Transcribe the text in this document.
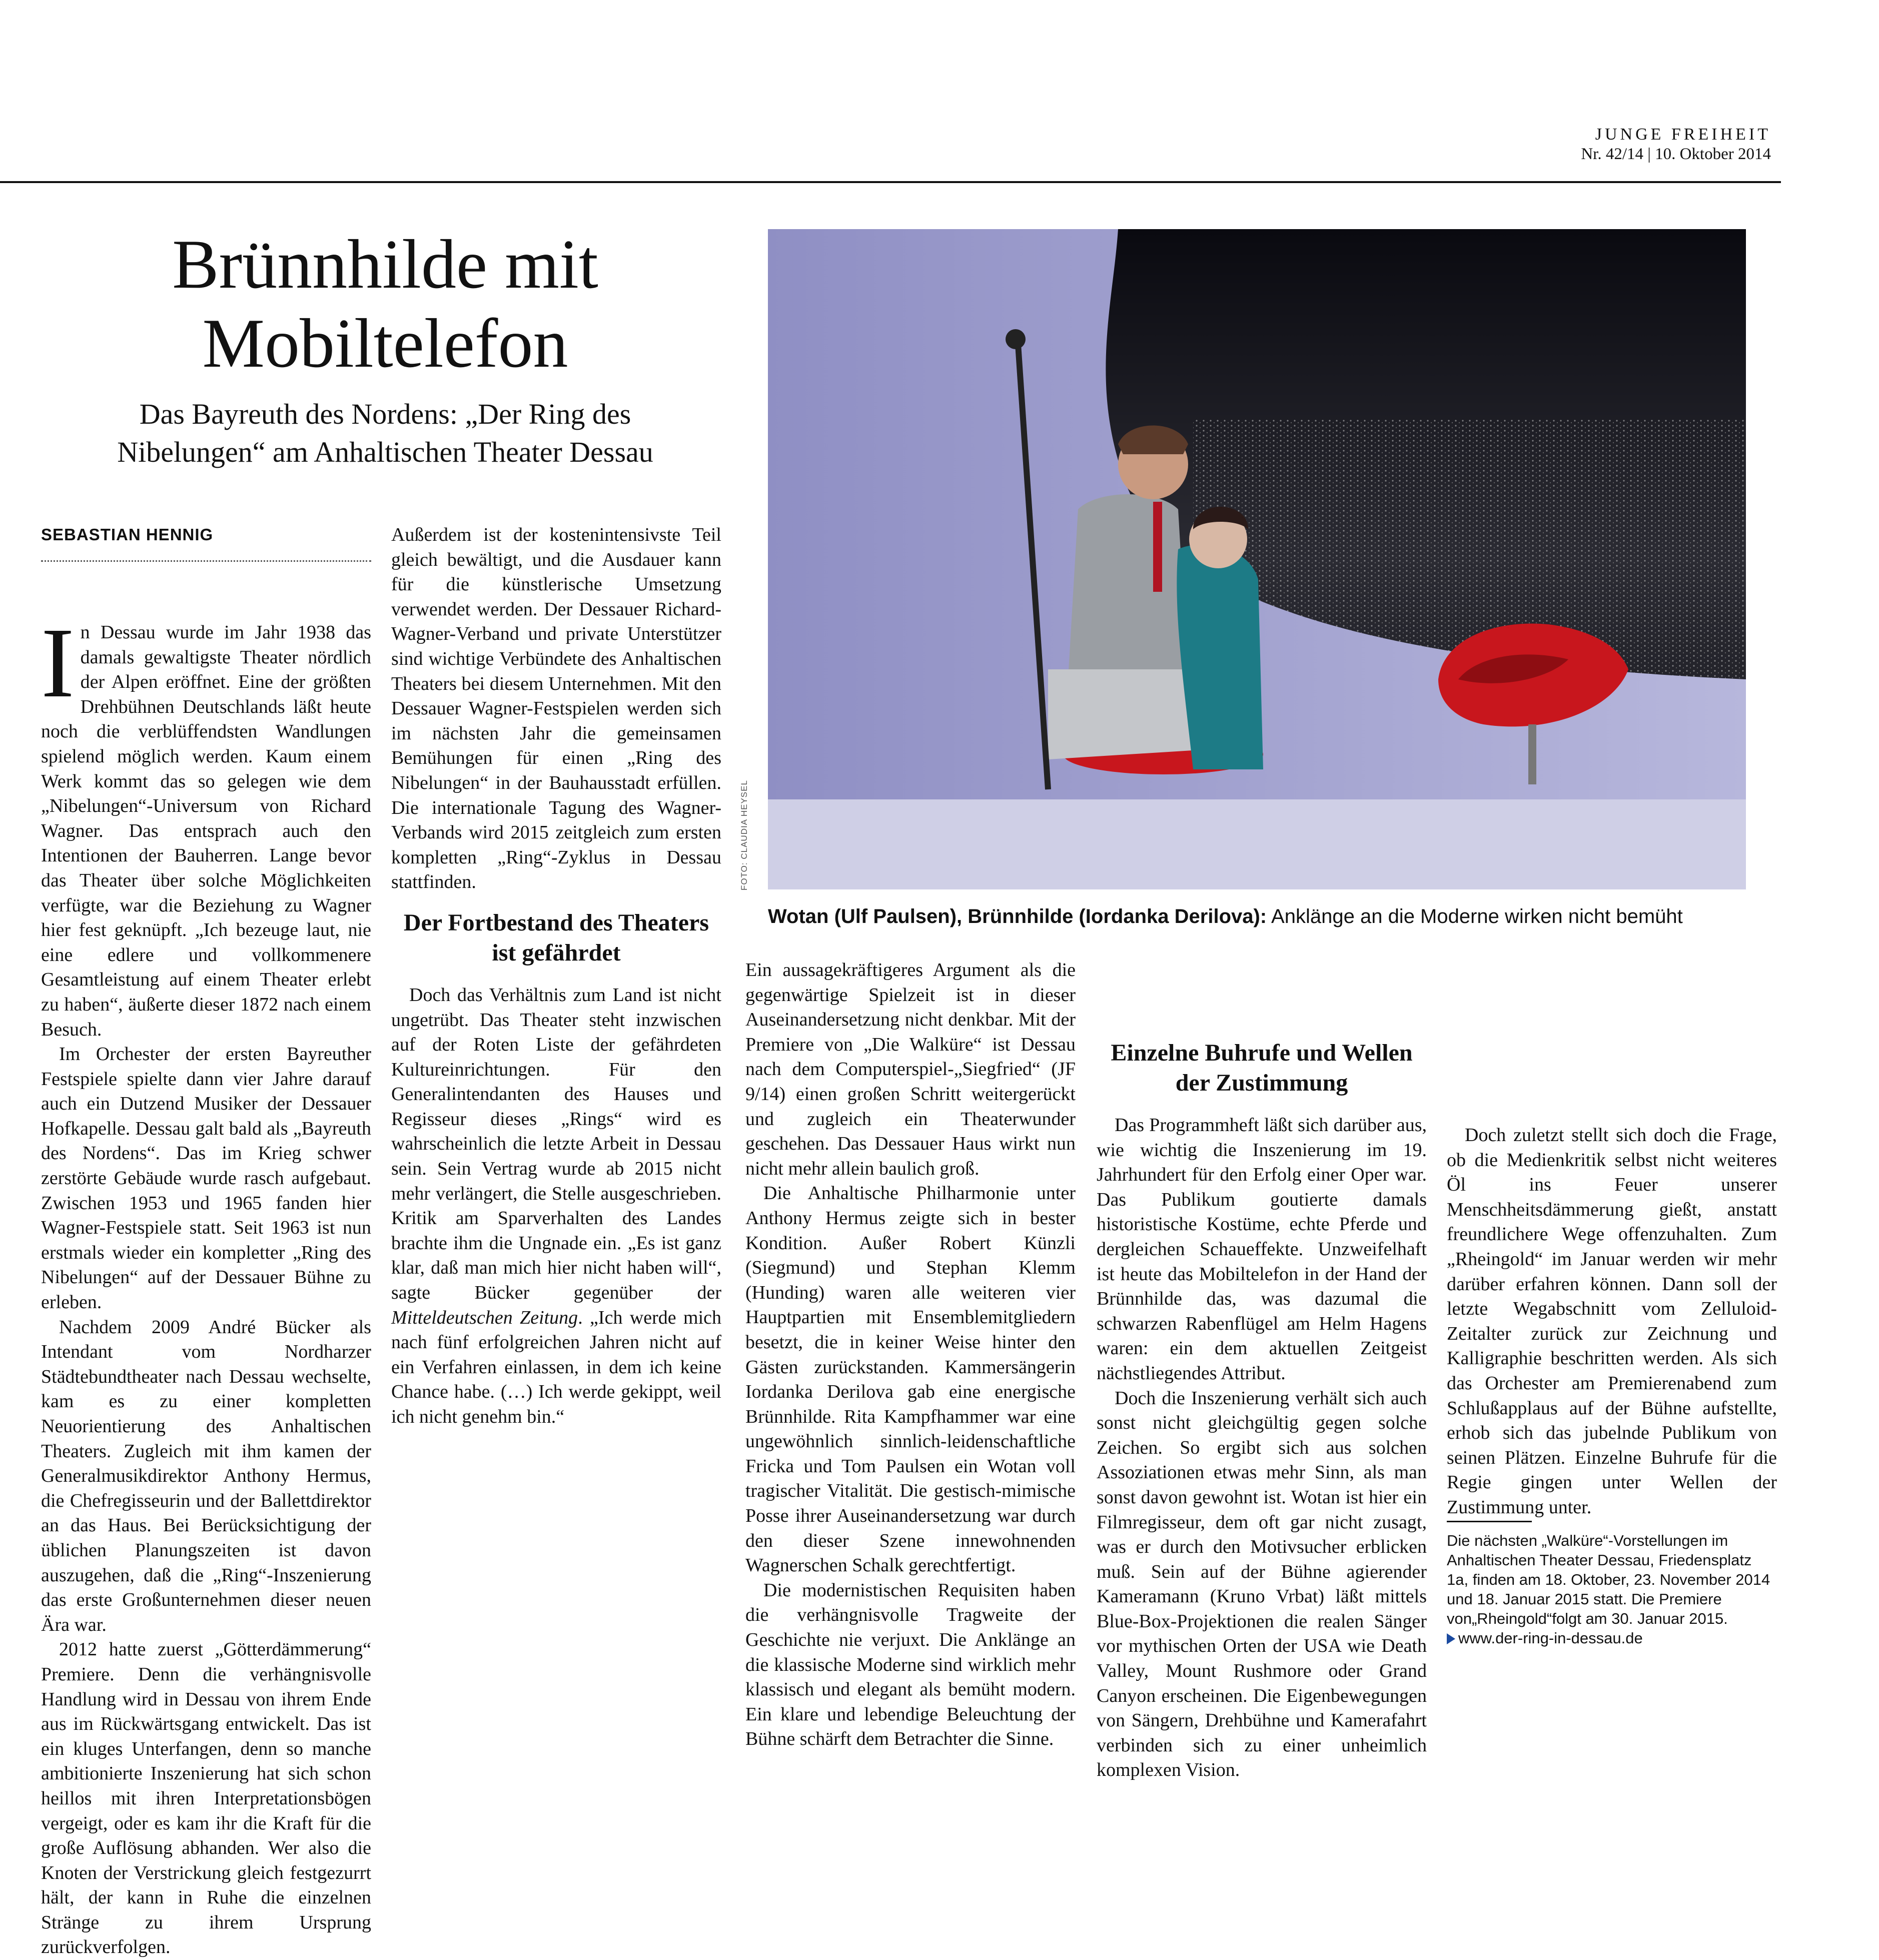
JUNGE FREIHEIT
Nr. 42/14 | 10. Oktober 2014
Brünnhilde mit Mobiltelefon

Das Bayreuth des Nordens: „Der Ring des Nibelungen“ am Anhaltischen Theater Dessau

SEBASTIAN HENNIG

In Dessau wurde im Jahr 1938 das damals gewaltigste Theater nördlich der Alpen eröffnet. Eine der größten Drehbühnen Deutschlands läßt heute noch die verblüffendsten Wandlungen spielend möglich werden. Kaum einem Werk kommt das so gelegen wie dem „Nibelungen“-Universum von Richard Wagner. Das entsprach auch den Intentionen der Bauherren. Lange bevor das Theater über solche Möglichkeiten verfügte, war die Beziehung zu Wagner hier fest geknüpft. „Ich bezeuge laut, nie eine edlere und vollkommenere Gesamtleistung auf einem Theater erlebt zu haben“, äußerte dieser 1872 nach einem Besuch.

Im Orchester der ersten Bayreuther Festspiele spielte dann vier Jahre darauf auch ein Dutzend Musiker der Dessauer Hofkapelle. Dessau galt bald als „Bayreuth des Nordens“. Das im Krieg schwer zerstörte Gebäude wurde rasch aufgebaut. Zwischen 1953 und 1965 fanden hier Wagner-Festspiele statt. Seit 1963 ist nun erstmals wieder ein kompletter „Ring des Nibelungen“ auf der Dessauer Bühne zu erleben.

Nachdem 2009 André Bücker als Intendant vom Nordharzer Städtebundtheater nach Dessau wechselte, kam es zu einer kompletten Neuorientierung des Anhaltischen Theaters. Zugleich mit ihm kamen der Generalmusikdirektor Anthony Hermus, die Chefregisseurin und der Ballettdirektor an das Haus. Bei Berücksichtigung der üblichen Planungszeiten ist davon auszugehen, daß die „Ring“-Inszenierung das erste Großunternehmen dieser neuen Ära war.

2012 hatte zuerst „Götterdämmerung“ Premiere. Denn die verhängnisvolle Handlung wird in Dessau von ihrem Ende aus im Rückwärtsgang entwickelt. Das ist ein kluges Unterfangen, denn so manche ambitionierte Inszenierung hat sich schon heillos mit ihren Interpretationsbögen vergeigt, oder es kam ihr die Kraft für die große Auflösung abhanden. Wer also die Knoten der Verstrickung gleich festgezurrt hält, der kann in Ruhe die einzelnen Stränge zu ihrem Ursprung zurückverfolgen.

Außerdem ist der kostenintensivste Teil gleich bewältigt, und die Ausdauer kann für die künstlerische Umsetzung verwendet werden. Der Dessauer Richard-Wagner-Verband und private Unterstützer sind wichtige Verbündete des Anhaltischen Theaters bei diesem Unternehmen. Mit den Dessauer Wagner-Festspielen werden sich im nächsten Jahr die gemeinsamen Bemühungen für einen „Ring des Nibelungen“ in der Bauhausstadt erfüllen. Die internationale Tagung des Wagner-Verbands wird 2015 zeitgleich zum ersten kompletten „Ring“-Zyklus in Dessau stattfinden.

Der Fortbestand des Theaters ist gefährdet

Doch das Verhältnis zum Land ist nicht ungetrübt. Das Theater steht inzwischen auf der Roten Liste der gefährdeten Kultureinrichtungen. Für den Generalintendanten des Hauses und Regisseur dieses „Rings“ wird es wahrscheinlich die letzte Arbeit in Dessau sein. Sein Vertrag wurde ab 2015 nicht mehr verlängert, die Stelle ausgeschrieben. Kritik am Sparverhalten des Landes brachte ihm die Ungnade ein. „Es ist ganz klar, daß man mich hier nicht haben will“, sagte Bücker gegenüber der Mitteldeutschen Zeitung. „Ich werde mich nach fünf erfolgreichen Jahren nicht auf ein Verfahren einlassen, in dem ich keine Chance habe. (…) Ich werde gekippt, weil ich nicht genehm bin.“

FOTO: CLAUDIA HEYSEL
Wotan (Ulf Paulsen), Brünnhilde (Iordanka Derilova): Anklänge an die Moderne wirken nicht bemüht

Ein aussagekräftigeres Argument als die gegenwärtige Spielzeit ist in dieser Auseinandersetzung nicht denkbar. Mit der Premiere von „Die Walküre“ ist Dessau nach dem Computerspiel-„Siegfried“ (JF 9/14) einen großen Schritt weitergerückt und zugleich ein Theaterwunder geschehen. Das Dessauer Haus wirkt nun nicht mehr allein baulich groß.

Die Anhaltische Philharmonie unter Anthony Hermus zeigte sich in bester Kondition. Außer Robert Künzli (Siegmund) und Stephan Klemm (Hunding) waren alle weiteren vier Hauptpartien mit Ensemblemitgliedern besetzt, die in keiner Weise hinter den Gästen zurückstanden. Kammersängerin Iordanka Derilova gab eine energische Brünnhilde. Rita Kampfhammer war eine ungewöhnlich sinnlich-leidenschaftliche Fricka und Tom Paulsen ein Wotan voll tragischer Vitalität. Die gestisch-mimische Posse ihrer Auseinandersetzung war durch den dieser Szene innewohnenden Wagnerschen Schalk gerechtfertigt.

Die modernistischen Requisiten haben die verhängnisvolle Tragweite der Geschichte nie verjuxt. Die Anklänge an die klassische Moderne sind wirklich mehr klassisch und elegant als bemüht modern. Ein klare und lebendige Beleuchtung der Bühne schärft dem Betrachter die Sinne.

Einzelne Buhrufe und Wellen der Zustimmung

Das Programmheft läßt sich darüber aus, wie wichtig die Inszenierung im 19. Jahrhundert für den Erfolg einer Oper war. Das Publikum goutierte damals historistische Kostüme, echte Pferde und dergleichen Schaueffekte. Unzweifelhaft ist heute das Mobiltelefon in der Hand der Brünnhilde das, was dazumal die schwarzen Rabenflügel am Helm Hagens waren: ein dem aktuellen Zeitgeist nächstliegendes Attribut.

Doch die Inszenierung verhält sich auch sonst nicht gleichgültig gegen solche Zeichen. So ergibt sich aus solchen Assoziationen etwas mehr Sinn, als man sonst davon gewohnt ist. Wotan ist hier ein Filmregisseur, dem oft gar nicht zusagt, was er durch den Motivsucher erblicken muß. Sein auf der Bühne agierender Kameramann (Kruno Vrbat) läßt mittels Blue-Box-Projektionen die realen Sänger vor mythischen Orten der USA wie Death Valley, Mount Rushmore oder Grand Canyon erscheinen. Die Eigenbewegungen von Sängern, Drehbühne und Kamerafahrt verbinden sich zu einer unheimlich komplexen Vision.

Doch zuletzt stellt sich doch die Frage, ob die Medienkritik selbst nicht weiteres Öl ins Feuer unserer Menschheitsdämmerung gießt, anstatt freundlichere Wege offenzuhalten. Zum „Rheingold“ im Januar werden wir mehr darüber erfahren können. Dann soll der letzte Wegabschnitt vom Zelluloid-Zeitalter zurück zur Zeichnung und Kalligraphie beschritten werden. Als sich das Orchester am Premierenabend zum Schlußapplaus auf der Bühne aufstellte, erhob sich das jubelnde Publikum von seinen Plätzen. Einzelne Buhrufe für die Regie gingen unter Wellen der Zustimmung unter.

Die nächsten „Walküre“-Vorstellungen im Anhaltischen Theater Dessau, Friedensplatz 1a, finden am 18. Oktober, 23. November 2014 und 18. Januar 2015 statt. Die Premiere von„Rheingold“folgt am 30. Januar 2015.
www.der-ring-in-dessau.de
